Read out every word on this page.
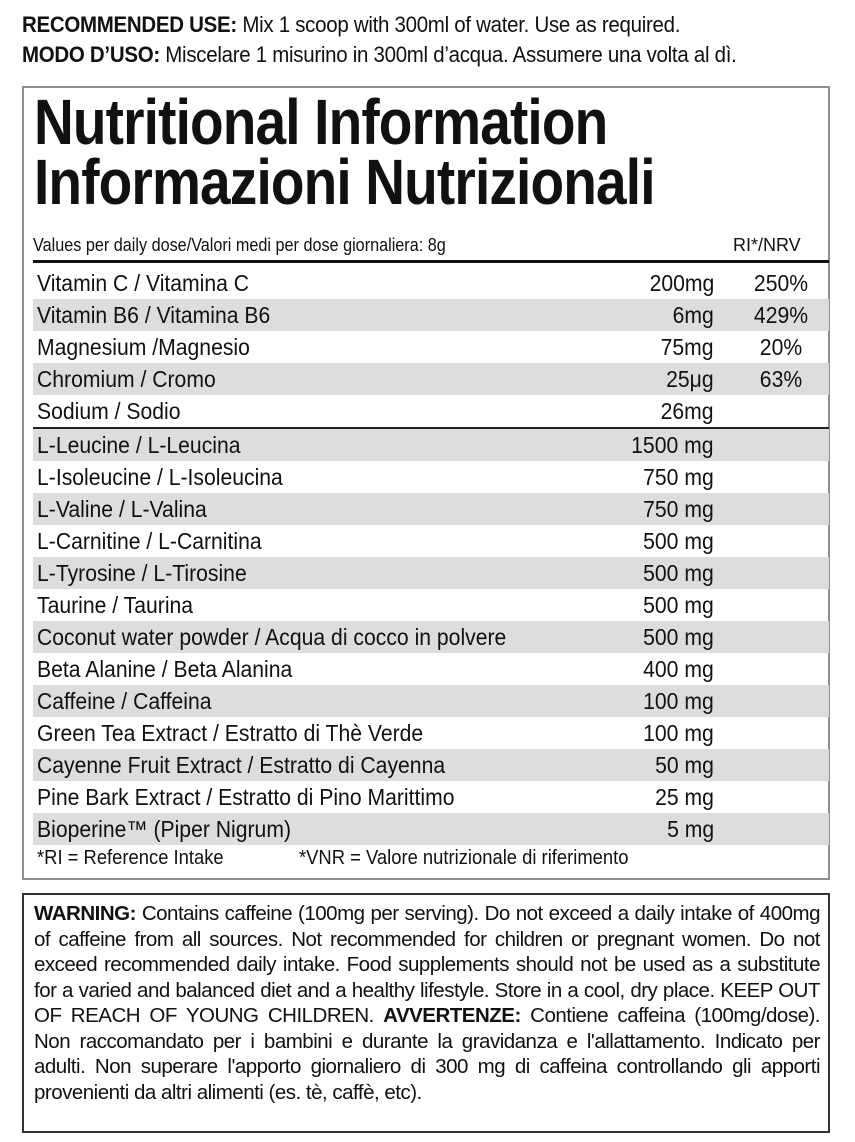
RECOMMENDED USE: Mix 1 scoop with 300ml of water. Use as required.
MODO D’USO: Miscelare 1 misurino in 300ml d’acqua. Assumere una volta al dì.
Nutritional Information
Informazioni Nutrizionali
Values per daily dose/Valori medi per dose giornaliera: 8g	RI*/NRV
Vitamin C / Vitamina C	200mg	250%
Vitamin B6 / Vitamina B6	6mg	429%
Magnesium /Magnesio	75mg	20%
Chromium / Cromo	25μg	63%
Sodium / Sodio	26mg
L-Leucine / L-Leucina	1500 mg
L-Isoleucine / L-Isoleucina	750 mg
L-Valine / L-Valina	750 mg
L-Carnitine / L-Carnitina	500 mg
L-Tyrosine / L-Tirosine	500 mg
Taurine / Taurina	500 mg
Coconut water powder / Acqua di cocco in polvere	500 mg
Beta Alanine / Beta Alanina	400 mg
Caffeine / Caffeina	100 mg
Green Tea Extract / Estratto di Thè Verde	100 mg
Cayenne Fruit Extract / Estratto di Cayenna	50 mg
Pine Bark Extract / Estratto di Pino Marittimo	25 mg
Bioperine™ (Piper Nigrum)	5 mg
*RI = Reference Intake	*VNR = Valore nutrizionale di riferimento
WARNING: Contains caffeine (100mg per serving). Do not exceed a daily intake of 400mg of caffeine from all sources. Not recommended for children or pregnant women. Do not exceed recommended daily intake. Food supplements should not be used as a substitute for a varied and balanced diet and a healthy lifestyle. Store in a cool, dry place. KEEP OUT OF REACH OF YOUNG CHILDREN. AVVERTENZE: Contiene caffeina (100mg/dose). Non raccomandato per i bambini e durante la gravidanza e l'allattamento. Indicato per adulti. Non superare l'apporto giornaliero di 300 mg di caffeina controllando gli apporti provenienti da altri alimenti (es. tè, caffè, etc).
